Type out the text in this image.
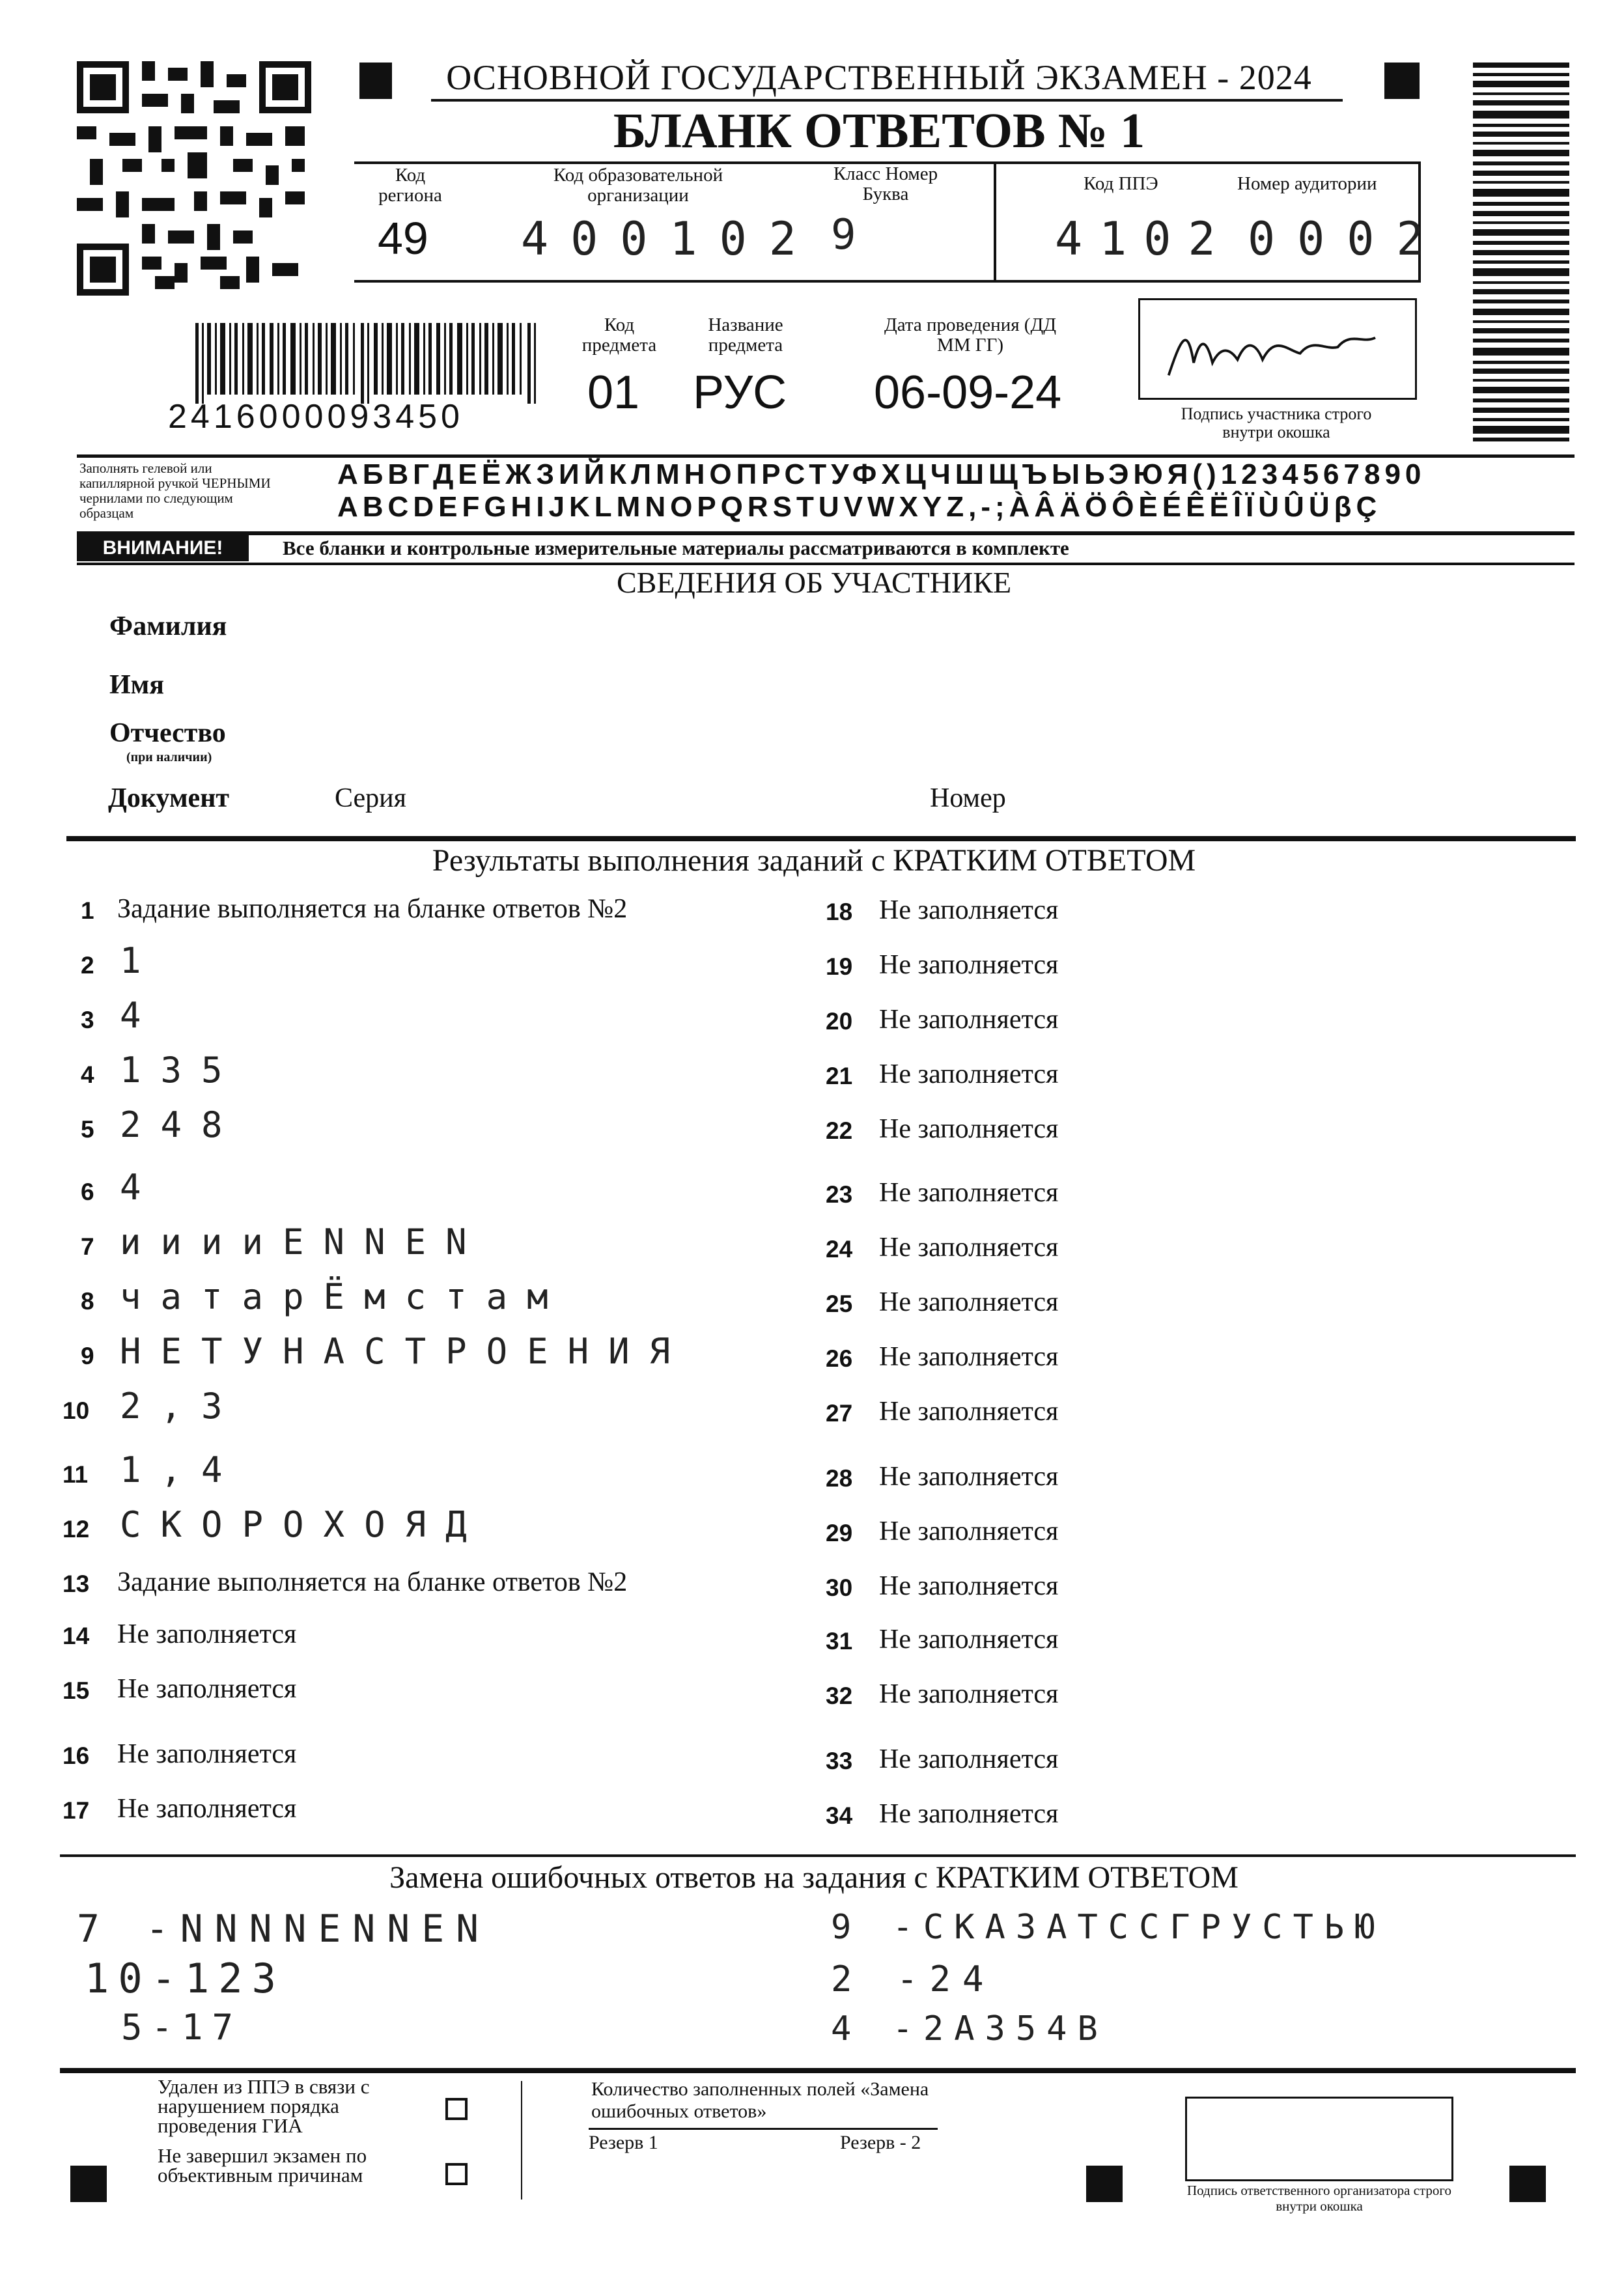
ОСНОВНОЙ ГОСУДАРСТВЕННЫЙ ЭКЗАМЕН - 2024
БЛАНК ОТВЕТОВ № 1
Код региона
49
Код образовательной организации
400102
Класс Номер Буква
9
Код ППЭ
4102
Номер аудитории
0002
2416000093450
Код предмета
01
Название предмета
РУС
Дата проведения (ДД ММ ГГ)
06-09-24	Подпись участника строго внутри окошка
Заполнять гелевой или капиллярной ручкой ЧЕРНЫМИ чернилами по следующим образцам
АБВГДЕЁЖЗИЙКЛМНОПРСТУФХЦЧШЩЪЫЬЭЮЯ()1234567890
ABCDEFGHIJKLMNOPQRSTUVWXYZ,-;ÀÂÄÖÔÈÉÊËÎÏÙÛÜβÇ
ВНИМАНИЕ!	Все бланки и контрольные измерительные материалы рассматриваются в комплекте
СВЕДЕНИЯ ОБ УЧАСТНИКЕ
Фамилия
Имя
Отчество
(при наличии)
Документ	Серия	Номер
Результаты выполнения заданий с КРАТКИМ ОТВЕТОМ
Замена ошибочных ответов на задания с КРАТКИМ ОТВЕТОМ
7 -NNNNENNEN
10-123
5-17
9 -СКАЗАТССГРУСТЬЮ
2 -24
4 -2А354В
Удален из ППЭ в связи с нарушением порядка проведения ГИА
Не завершил экзамен по объективным причинам
Количество заполненных полей «Замена ошибочных ответов»
Резерв 1	Резерв - 2
Подпись ответственного организатора строго внутри окошка
1 Задание выполняется на бланке ответов №2
2 1
3 4
4 135
5 248
6 4
7 ииииENNEN
8 чатарЁмстам
9 НЕТУНАСТРОЕНИЯ
10 2,3
11 1,4
12 СКОРОХОЯД
13 Задание выполняется на бланке ответов №2
14 Не заполняется
15 Не заполняется
16 Не заполняется
17 Не заполняется
18 Не заполняется
19 Не заполняется
20 Не заполняется
21 Не заполняется
22 Не заполняется
23 Не заполняется
24 Не заполняется
25 Не заполняется
26 Не заполняется
27 Не заполняется
28 Не заполняется
29 Не заполняется
30 Не заполняется
31 Не заполняется
32 Не заполняется
33 Не заполняется
34 Не заполняется
